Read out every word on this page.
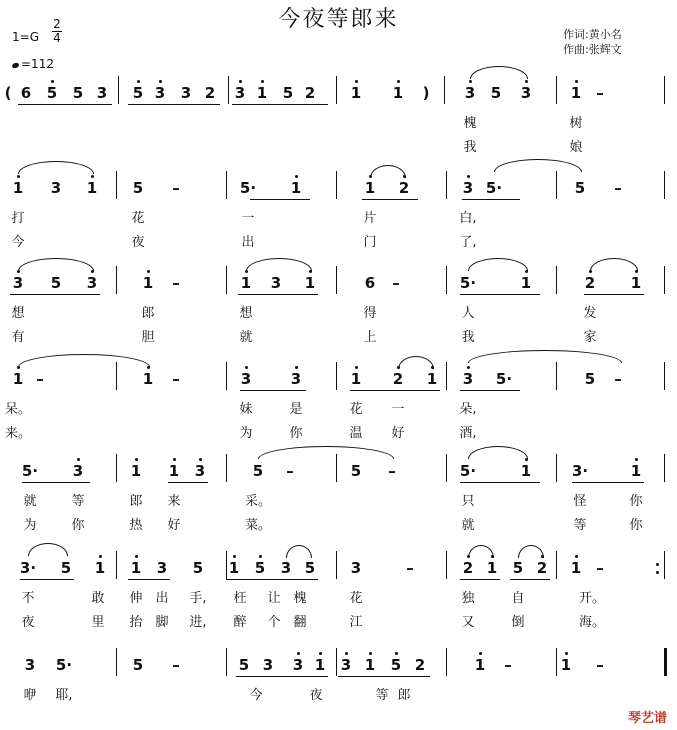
今夜等郎来
1=G
2
4
=112
作词:黄小名
作曲:张辉文
( 6 5 5 3 5 3 3 2 3 1 5 2 1 1 ) 3 5 3	1 –
槐	树
我	娘
1 3 1 5 –	5· 1	1 2	3 5·	5 –
打	花	一	片	白,
今	夜	出	门	了,
3 5 3	1 –	1 3 1	6 –	5·	1	2 1
想	郎	想	得	人	发
有	胆	就	上	我	家
1 –	1 –	3	3	1 2 1 3 5·	5 –
呆。	妹	是	花 一	朵,
来。	为	你	温 好	酒,
5· 3	1 1 3	5 –	5 –	5·	1	3·	1
就	等	郎 来	采。	只	怪	你
为	你	热 好	菜。	就	等	你
3· 5 1 1 3 5 1 5 3 5 3	–	2 1 5 2 1 –
不	敢 伸 出 手, 枉 让 槐	花	独	自	开。
夜	里 抬 脚 进, 醉 个 翻	江	又	倒	海。
3 5·	5 –	5 3 3 1 3 1 5 2	1 –	1 –
咿 耶,	今	夜	等 郎
琴艺谱
